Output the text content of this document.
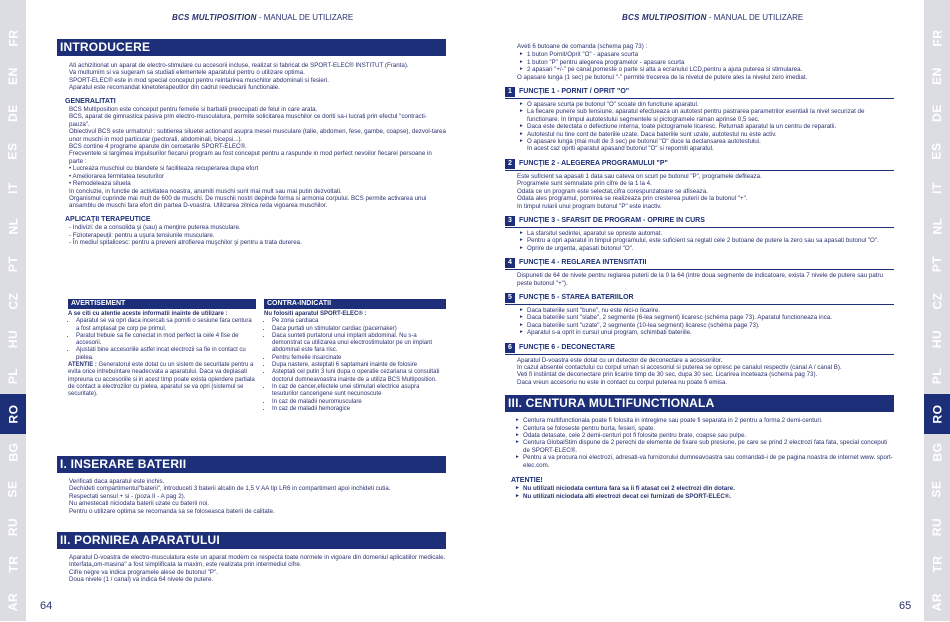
FR
EN
DE
ES
IT
NL
PT
CZ
HU
PL
RO
BG
SE
RU
TR
AR
FR
EN
DE
ES
IT
NL
PT
CZ
HU
PL
RO
BG
SE
RU
TR
AR
BCS MULTIPOSITION - MANUAL DE UTILIZARE	BCS MULTIPOSITION - MANUAL DE UTILIZARE
64	65
INTRODUCERE

Ati achizitionat un aparat de electro-stimulare cu accesorii incluse, realizat si fabricat de SPORT-ELEC® INSTITUT (Franta).

Va multumim si va sugeram sa studiati elementele aparatului pentru o utilizare optima.

SPORT-ELEC® este in mod special conceput pentru reintarirea muschilor abdominali si fesieri.

Aparatul este recomandat kinetoterapeutilor din cadrul reeducarii functionale.

GENERALITATI

BCS Multiposition este conceput pentru femeile si barbatii preocupati de felul in care arata.

BCS, aparat de gimnastica pasiva prin electro-musculatura, permite solicitarea muschilor ce doriti sa-i lucrati prin efectul "contracti-pauza".

Obiectivul BCS este urmatorul : subtierea siluetei actionand asupra mesei musculare (talie, abdomen, fese, gambe, coapse), dezvol-tarea unor muschi in mod particular (pectorali, abdominali, bicepsi...).

BCS contine 4 programe aparute din cercetarile SPORT-ELEC®.

Frecventele si largimea impulsurilor fiecarui program au fost conceput pentru a raspunde in mod perfect nevoilor fiecarei persoane in parte :

• Lucreaza muschiul cu blandete si faciliteaza recuperarea dupa efort

• Ameliorarea fermitatea tesuturilor

• Remodeleaza silueta

In concluzie, in functie de activitatea noastra, anumiti muschi sunt mai mult sau mai putin dezvoltati.

Organismul cuprinde mai mult de 600 de muschi. De muschii nostri depinde forma si armonia corpului. BCS permite activarea unui ansamblu de muschi fara efort din partea D-voastra. Utilizarea zilnica reda vigoarea muschilor.

APLICAŢII TERAPEUTICE

- Indivizi: de a consolida şi (sau) a menţine puterea musculare.

- Fizioterapeuţii: pentru a uşura tensiunile musculare.

- În mediul spitalicesc: pentru a preveni atrofierea muşchilor şi pentru a trata durerea.

AVERTISEMENT

A se citi cu atentie aceste informatii inainte de utilizare :

• Aparatul se va opri daca incercati sa porniti o sesiune fara centura a fost amplasat pe corp pe primul.
• Paratul trebuie sa fie conectat in mod perfect la cele 4 fise de accesorii.
• Ajustati bine accesoriile astfel incat electrozii sa fie in contact cu pielea.

ATENTIE : Generatorul este dotat cu un sistem de securitate pentru a evita orice intrebuintare neadecvata a aparatului. Daca va deplasati impreuna cu accesoriile si in acest timp poate exista opierdere partiala de contact a electrozilor cu pielea, aparatul se va opri (sistemul se securitate).

CONTRA-INDICATII

Nu folositi aparatul SPORT-ELEC® :

• Pe zona cardiaca
• Daca purtati un stimulator cardiac (pacemaker)
• Daca sunteti purtatorul unui implant abdominal. Nu s-a demonstrat ca utilizarea unui electrostimulator pe un implant abdominal este fara risc.
• Pentru femeile insarcinate
• Dupa nastere, asteptati 6 saptamani inainte de folosire
• Asteptati cel putin 3 luni dupa o operatie cezariana si consultati doctorul dumneavoastra inainte de a utiliza BCS Multiposition.
• In caz de cancer,efectele unei stimulari electrice asupra tesuturilor cancerigene sunt necunoscute
• In caz de maladii neuromusculare
• In caz de maladii hemoragice
I. INSERARE BATERII

Verificati daca aparatul este inchis.

Dechideti compartimentul"baterii", introduceti 3 baterii alcalin de 1,5 V AA tip LR6 in compartiment apoi inchideti cutia.

Respectati sensul + si - (poza II - A pag 2).

Nu amestecati niciodata baterii uzate cu baterii noi.

Pentru o utilizare optima se recomanda sa se foloseasca baterii de calitate.

II. PORNIREA APARATULUI

Aparatul D-voastra de electro-musculatura este un aparat modern ce respecta toate normele in vigoare din domeniul aplicatiilor medicale. Interfata„om-masina" a fost simplificata la maxim, este realizata prin intermediul cifre.

Cifre negre va indica programele alese de butonul "P".

Doua nivele (1 / canal) va indica 64 nivele de putere.

Aveti 6 butoane de comanda (schema pag 73) :

▸ 1 buton Pornit/Oprit "O" - apasare scurta
▸ 1 buton "P" pentru alegerea programelor - apasare scurta
▸ 2 apasari "+/-" pe canal,porneste o parte si alta a ecranului LCD,pentru a ajuta puterea si stimularea.

O apasare lunga (1 sec) pe butonul "-" permite trecerea de la nivelul de putere ales la nivelul zero imediat.

1	FUNCŢIE 1 - PORNIT / OPRIT "O"
▸ O apasare scurta pe butonul "O" scoate din functiune aparatul.
▸ La fiecare punere sub tensiune, aparatul efectueaza un autotest pentru pastrarea parametrilor esentiali la nivel securizat de functionare. In timpul autotestului segmentele si pictogramele raman aprinse 0,5 sec.
▸ Daca este detectata o defectiune interna, toate pictogramele licaresc. Returnati aparatul la un centru de reparatii.
▸ Autotestul nu tine cont de bateriile uzate. Daca bateriile sunt uzate, autotestul nu este activ.
▸ O apasare lunga (mai mult de 3 sec) pe butonul "O" duce la declansarea autotestului.

In acest caz opriti aparatul apasand butonul "O" si reporniti aparatul.

2	FUNCŢIE 2 - ALEGEREA PROGRAMULUI "P"

Este suficient sa apasati 1 data sau cateva ori scurt pe butonul "P", programele defileaza.

Programele sunt semnalate prin cifre de la 1 la 4.

Odata ce un program este selectat,cifra corespunzatoare se afiseaza.

Odata ales programul, pornirea se realizeaza prin cresterea puterii de la butonul "+".

In timpul rularii unui program butonul "P" este inactiv.

3	FUNCŢIE 3 - SFARSIT DE PROGRAM - OPRIRE IN CURS
▸ La sfarsitul sedintei, aparatul se opreste automat.
▸ Pentru a opri aparatul in timpul programului, este suficient sa reglati cele 2 butoane de putere la zero sau sa apasati butonul "O".
▸ Oprire de urgenta, apasati butonul "O".
4	FUNCŢIE 4 - REGLAREA INTENSITATII

Dispuneti de 64 de nivele pentru reglarea puterii de la 0 la 64 (intre doua segmente de indicatoare, exista 7 nivele de putere sau patru peste butonul "+").

5	FUNCŢIE 5 - STAREA BATERIILOR
▸ Daca bateriile sunt "bune", nu este nici-o licarire.
▸ Daca bateriile sunt "slabe", 2 segmente (6-lea segment) licaresc (schéma page 73). Aparatul functioneaza inca.
▸ Daca bateriile sunt "uzate", 2 segmente (10-lea segment) licaresc (schéma page 73).
▸ Aparatul s-a oprit in cursul unui program, schimbati bateriile.
6	FUNCŢIE 6 - DECONECTARE

Aparatul D-voastra este dotat cu un detector de deconectare a accesoriilor.

In cazul absentei contactului cu corpul uman si accesoriul si puterea se opresc pe canalul respectiv (canal A / canal B).

Veti fi instiintat de deconectare prin licarire timp de 30 sec, dupa 30 sec. Licarirea inceteaza (schema pag 73).

Daca vreun accesoriu nu este in contact cu corpul puterea nu poate fi emisa.

III. CENTURA MULTIFUNCTIONALA
▸ Centura multifunctionala poate fi folosita in intregime sau poate fi separata in 2 pentru a forma 2 demi-centuri.
▸ Centura se foloseste pentru burta, fesieri, spate.
▸ Odata detasate, cele 2 demi-centuri pot fi folosite pentru brate, coapse sau pulpe.
▸ Centura GlobalStim dispune de 2 perechi de elemente de fixare sub presiune, pe care se prind 2 electrozi fata fata, special conceputi de SPORT-ELEC®.
▸ Pentru a va procura noi electrozi, adresati-va furnizorului dumneavoastra sau comandati-i de pe pagina noastra de internet www. sport-elec.com.
ATENTIE!
▸ Nu utilizati niciodata centura fara sa ii fi atasat cei 2 electrozi din dotare.
▸ Nu utilizati niciodata alti electrozi decat cei furnizati de SPORT-ELEC®.
